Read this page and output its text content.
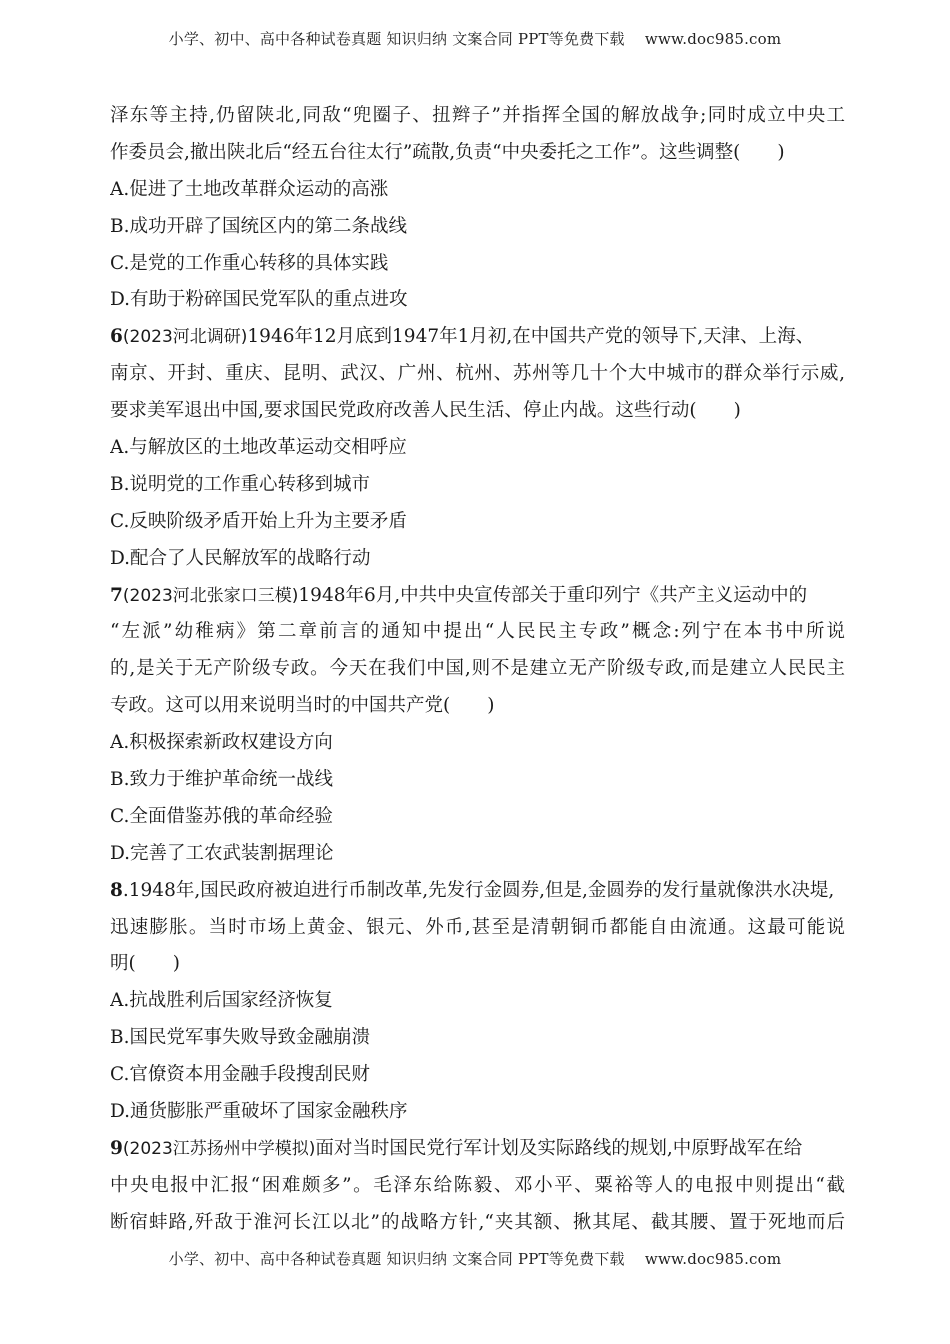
小学、初中、高中各种试卷真题 知识归纳 文案合同 PPT等免费下载 　www.doc985.com
泽东等主持,仍留陕北,同敌“兜圈子、扭辫子”并指挥全国的解放战争;同时成立中央工
作委员会,撤出陕北后“经五台往太行”疏散,负责“中央委托之工作”。这些调整(　　)
A.促进了土地改革群众运动的高涨
B.成功开辟了国统区内的第二条战线
C.是党的工作重心转移的具体实践
D.有助于粉碎国民党军队的重点进攻
6(2023河北调研)1946年12月底到1947年1月初,在中国共产党的领导下,天津、上海、
南京、开封、重庆、昆明、武汉、广州、杭州、苏州等几十个大中城市的群众举行示威,
要求美军退出中国,要求国民党政府改善人民生活、停止内战。这些行动(　　)
A.与解放区的土地改革运动交相呼应
B.说明党的工作重心转移到城市
C.反映阶级矛盾开始上升为主要矛盾
D.配合了人民解放军的战略行动
7(2023河北张家口三模)1948年6月,中共中央宣传部关于重印列宁《共产主义运动中的
“左派”幼稚病》第二章前言的通知中提出“人民民主专政”概念:列宁在本书中所说
的,是关于无产阶级专政。今天在我们中国,则不是建立无产阶级专政,而是建立人民民主
专政。这可以用来说明当时的中国共产党(　　)
A.积极探索新政权建设方向
B.致力于维护革命统一战线
C.全面借鉴苏俄的革命经验
D.完善了工农武装割据理论
8.1948年,国民政府被迫进行币制改革,先发行金圆券,但是,金圆券的发行量就像洪水决堤,
迅速膨胀。当时市场上黄金、银元、外币,甚至是清朝铜币都能自由流通。这最可能说
明(　　)
A.抗战胜利后国家经济恢复
B.国民党军事失败导致金融崩溃
C.官僚资本用金融手段搜刮民财
D.通货膨胀严重破坏了国家金融秩序
9(2023江苏扬州中学模拟)面对当时国民党行军计划及实际路线的规划,中原野战军在给
中央电报中汇报“困难颇多”。毛泽东给陈毅、邓小平、粟裕等人的电报中则提出“截
断宿蚌路,歼敌于淮河长江以北”的战略方针,“夹其额、揪其尾、截其腰、置于死地而后
小学、初中、高中各种试卷真题 知识归纳 文案合同 PPT等免费下载 　www.doc985.com
